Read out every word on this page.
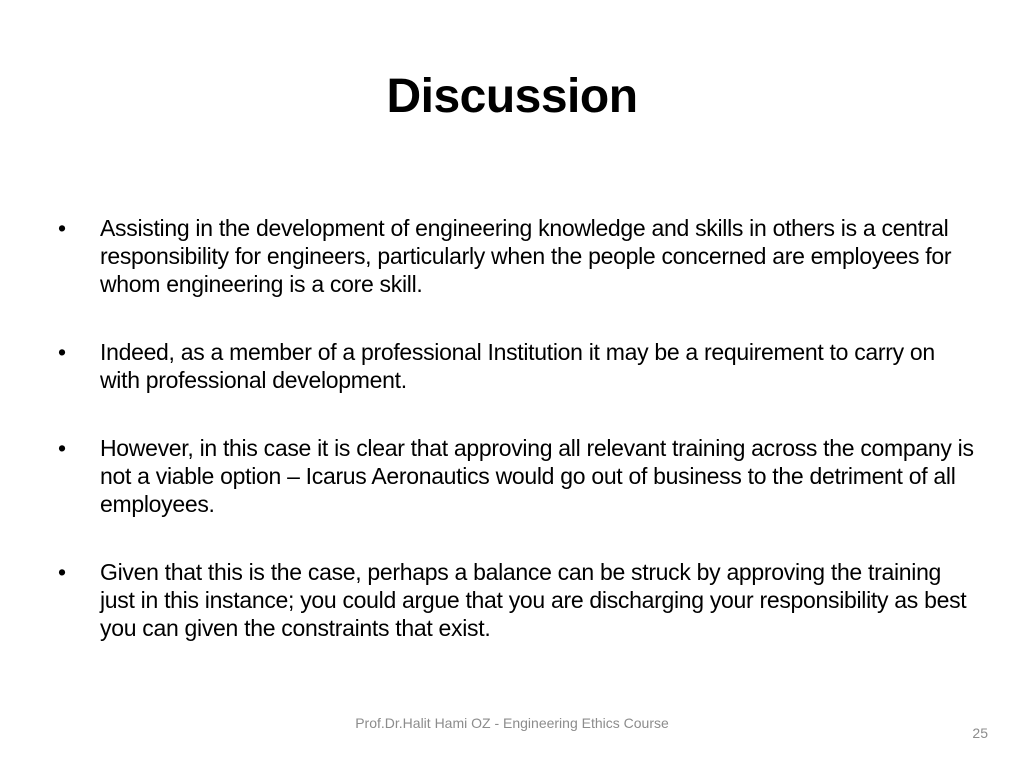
Discussion
• Assisting in the development of engineering knowledge and skills in others is a central responsibility for engineers, particularly when the people concerned are employees for whom engineering is a core skill.
• Indeed, as a member of a professional Institution it may be a requirement to carry on with professional development.
• However, in this case it is clear that approving all relevant training across the company is not a viable option – Icarus Aeronautics would go out of business to the detriment of all employees.
• Given that this is the case, perhaps a balance can be struck by approving the training just in this instance; you could argue that you are discharging your responsibility as best you can given the constraints that exist.
Prof.Dr.Halit Hami OZ - Engineering Ethics Course
25
